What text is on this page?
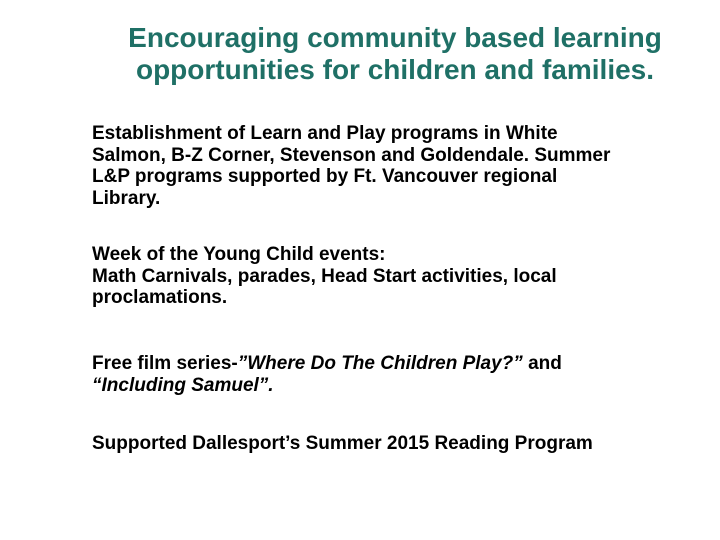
Encouraging community based learning
opportunities for children and families.

Establishment of Learn and Play programs in White
Salmon, B-Z Corner, Stevenson and Goldendale. Summer
L&P programs supported by Ft. Vancouver regional
Library.

Week of the Young Child events:
Math Carnivals, parades, Head Start activities, local
proclamations.

Free film series-”Where Do The Children Play?” and
“Including Samuel”.

Supported Dallesport’s Summer 2015 Reading Program
